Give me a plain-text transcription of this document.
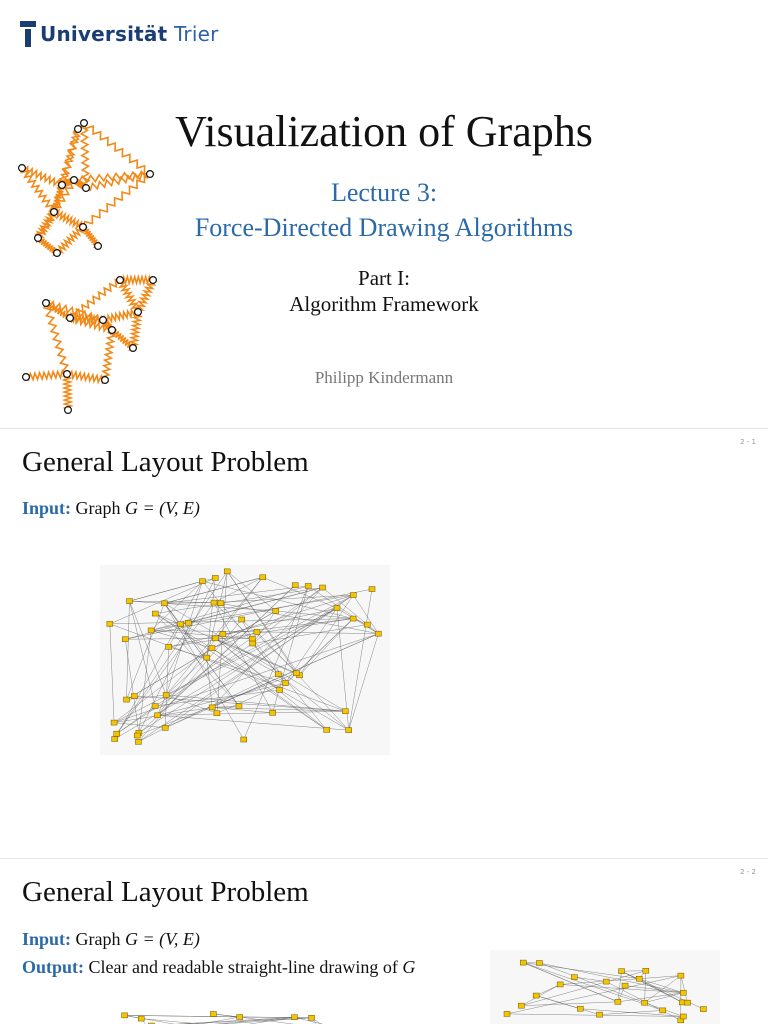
Universität Trier
Visualization of Graphs
Lecture 3:
Force-Directed Drawing Algorithms
Part I:
Algorithm Framework
Philipp Kindermann
2 - 1
General Layout Problem
Input: Graph G = (V, E)
2 - 2
General Layout Problem
Input: Graph G = (V, E)
Output: Clear and readable straight-line drawing of G
